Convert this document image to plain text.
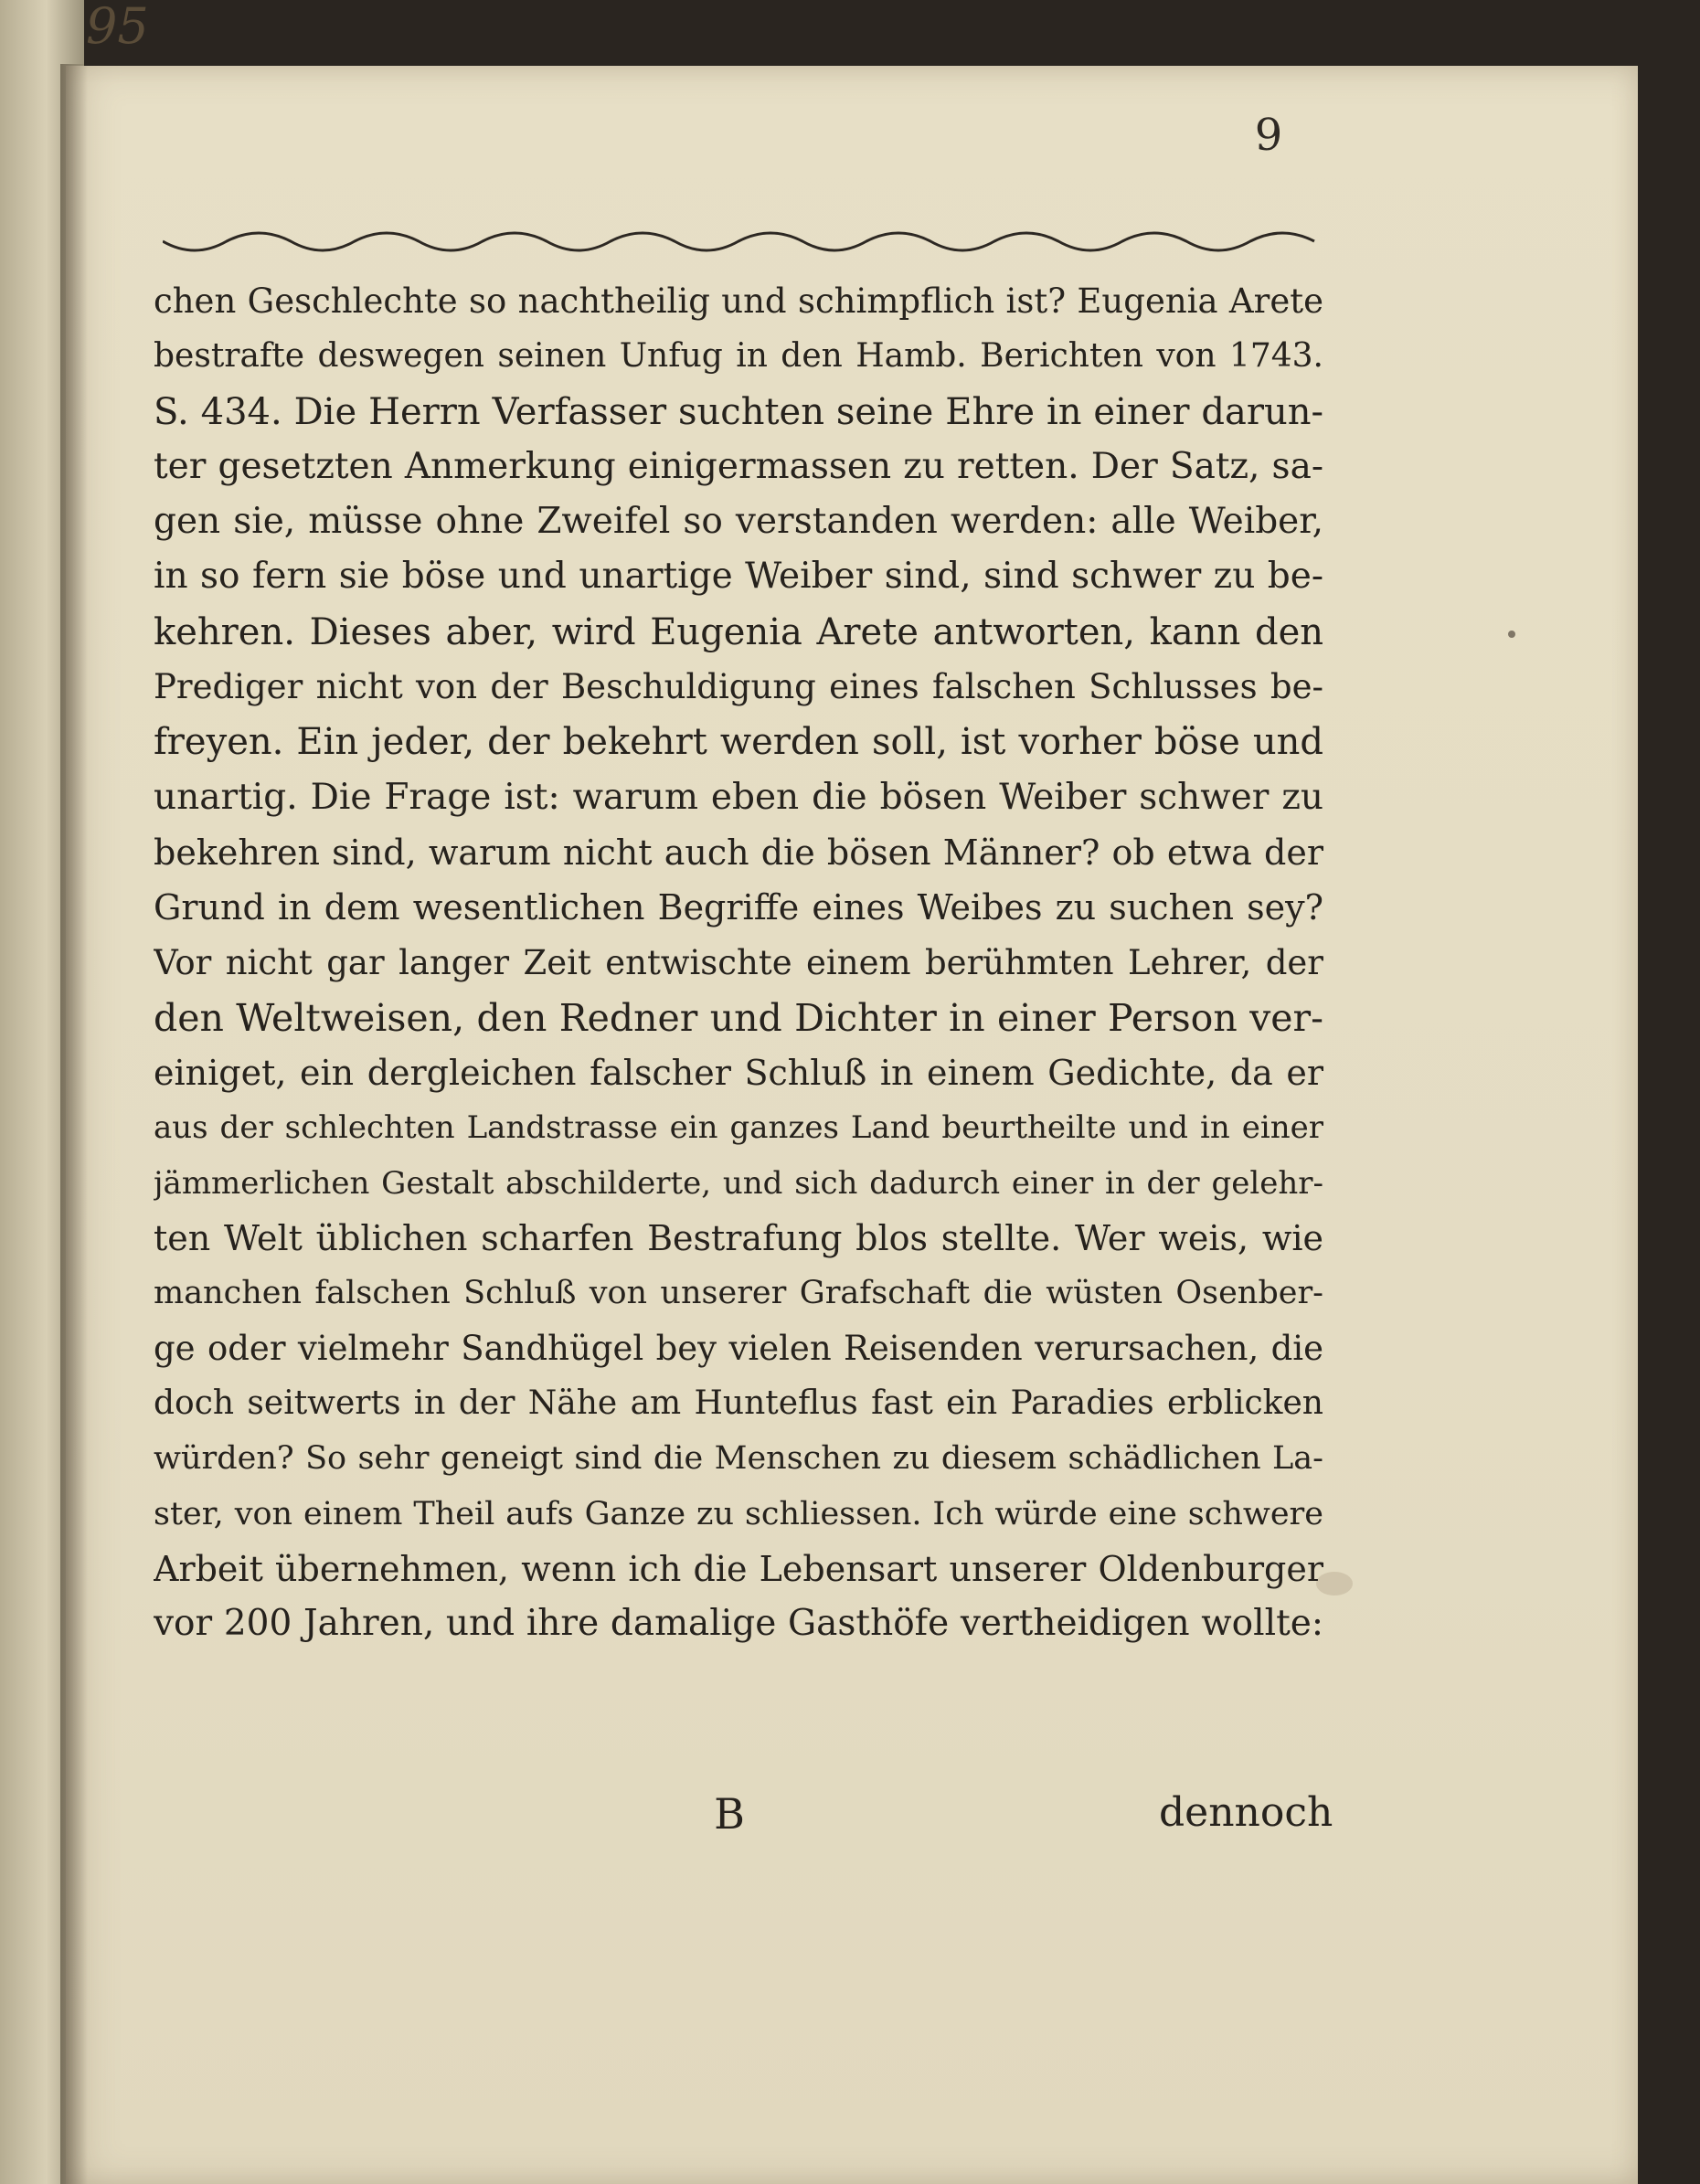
95
9
chen Geschlechte so nachtheilig und schimpflich ist? Eugenia Arete
bestrafte deswegen seinen Unfug in den Hamb. Berichten von 1743.
S. 434. Die Herrn Verfasser suchten seine Ehre in einer darun-
ter gesetzten Anmerkung einigermassen zu retten. Der Satz, sa-
gen sie, müsse ohne Zweifel so verstanden werden: alle Weiber,
in so fern sie böse und unartige Weiber sind, sind schwer zu be-
kehren. Dieses aber, wird Eugenia Arete antworten, kann den
Prediger nicht von der Beschuldigung eines falschen Schlusses be-
freyen. Ein jeder, der bekehrt werden soll, ist vorher böse und
unartig. Die Frage ist: warum eben die bösen Weiber schwer zu
bekehren sind, warum nicht auch die bösen Männer? ob etwa der
Grund in dem wesentlichen Begriffe eines Weibes zu suchen sey?
Vor nicht gar langer Zeit entwischte einem berühmten Lehrer, der
den Weltweisen, den Redner und Dichter in einer Person ver-
einiget, ein dergleichen falscher Schluß in einem Gedichte, da er
aus der schlechten Landstrasse ein ganzes Land beurtheilte und in einer
jämmerlichen Gestalt abschilderte, und sich dadurch einer in der gelehr-
ten Welt üblichen scharfen Bestrafung blos stellte. Wer weis, wie
manchen falschen Schluß von unserer Grafschaft die wüsten Osenber-
ge oder vielmehr Sandhügel bey vielen Reisenden verursachen, die
doch seitwerts in der Nähe am Hunteflus fast ein Paradies erblicken
würden? So sehr geneigt sind die Menschen zu diesem schädlichen La-
ster, von einem Theil aufs Ganze zu schliessen. Ich würde eine schwere
Arbeit übernehmen, wenn ich die Lebensart unserer Oldenburger
vor 200 Jahren, und ihre damalige Gasthöfe vertheidigen wollte:
B	dennoch
